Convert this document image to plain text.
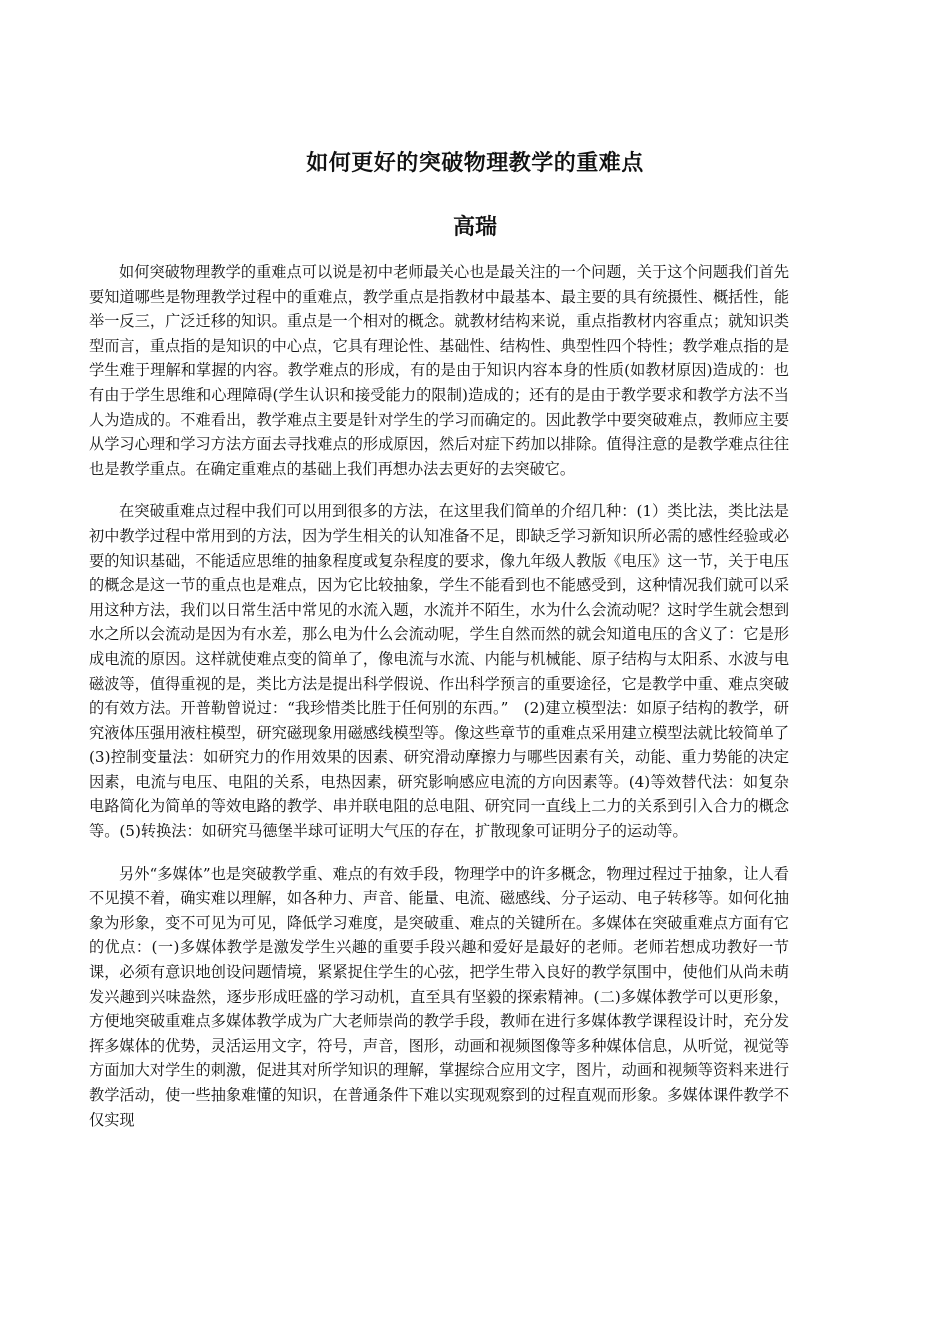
如何更好的突破物理教学的重难点
高瑞

如何突破物理教学的重难点可以说是初中老师最关心也是最关注的一个问题，关于这个问题我们首先要知道哪些是物理教学过程中的重难点，教学重点是指教材中最基本、最主要的具有统摄性、概括性，能举一反三，广泛迁移的知识。重点是一个相对的概念。就教材结构来说，重点指教材内容重点；就知识类型而言，重点指的是知识的中心点，它具有理论性、基础性、结构性、典型性四个特性；教学难点指的是学生难于理解和掌握的内容。教学难点的形成，有的是由于知识内容本身的性质(如教材原因)造成的：也有由于学生思维和心理障碍(学生认识和接受能力的限制)造成的；还有的是由于教学要求和教学方法不当人为造成的。不难看出，教学难点主要是针对学生的学习而确定的。因此教学中要突破难点，教师应主要从学习心理和学习方法方面去寻找难点的形成原因，然后对症下药加以排除。值得注意的是教学难点往往也是教学重点。在确定重难点的基础上我们再想办法去更好的去突破它。

在突破重难点过程中我们可以用到很多的方法，在这里我们简单的介绍几种：(1）类比法，类比法是初中教学过程中常用到的方法，因为学生相关的认知准备不足，即缺乏学习新知识所必需的感性经验或必要的知识基础，不能适应思维的抽象程度或复杂程度的要求，像九年级人教版《电压》这一节，关于电压的概念是这一节的重点也是难点，因为它比较抽象，学生不能看到也不能感受到，这种情况我们就可以采用这种方法，我们以日常生活中常见的水流入题，水流并不陌生，水为什么会流动呢？这时学生就会想到水之所以会流动是因为有水差，那么电为什么会流动呢，学生自然而然的就会知道电压的含义了：它是形成电流的原因。这样就使难点变的简单了，像电流与水流、内能与机械能、原子结构与太阳系、水波与电磁波等，值得重视的是，类比方法是提出科学假说、作出科学预言的重要途径，它是教学中重、难点突破的有效方法。开普勒曾说过：“我珍惜类比胜于任何别的东西。”　(2)建立模型法：如原子结构的教学，研究液体压强用液柱模型，研究磁现象用磁感线模型等。像这些章节的重难点采用建立模型法就比较简单了(3)控制变量法：如研究力的作用效果的因素、研究滑动摩擦力与哪些因素有关，动能、重力势能的决定因素，电流与电压、电阻的关系，电热因素，研究影响感应电流的方向因素等。(4)等效替代法：如复杂电路简化为简单的等效电路的教学、串并联电阻的总电阻、研究同一直线上二力的关系到引入合力的概念等。(5)转换法：如研究马德堡半球可证明大气压的存在，扩散现象可证明分子的运动等。

另外“多媒体”也是突破教学重、难点的有效手段，物理学中的许多概念，物理过程过于抽象，让人看不见摸不着，确实难以理解，如各种力、声音、能量、电流、磁感线、分子运动、电子转移等。如何化抽象为形象，变不可见为可见，降低学习难度，是突破重、难点的关键所在。多媒体在突破重难点方面有它的优点：(一)多媒体教学是激发学生兴趣的重要手段兴趣和爱好是最好的老师。老师若想成功教好一节课，必须有意识地创设问题情境，紧紧捉住学生的心弦，把学生带入良好的教学氛围中，使他们从尚未萌发兴趣到兴味盎然，逐步形成旺盛的学习动机，直至具有坚毅的探索精神。(二)多媒体教学可以更形象，方便地突破重难点多媒体教学成为广大老师崇尚的教学手段，教师在进行多媒体教学课程设计时，充分发挥多媒体的优势，灵活运用文字，符号，声音，图形，动画和视频图像等多种媒体信息，从听觉，视觉等方面加大对学生的刺激，促进其对所学知识的理解，掌握综合应用文字，图片，动画和视频等资料来进行教学活动，使一些抽象难懂的知识，在普通条件下难以实现观察到的过程直观而形象。多媒体课件教学不仅实现
